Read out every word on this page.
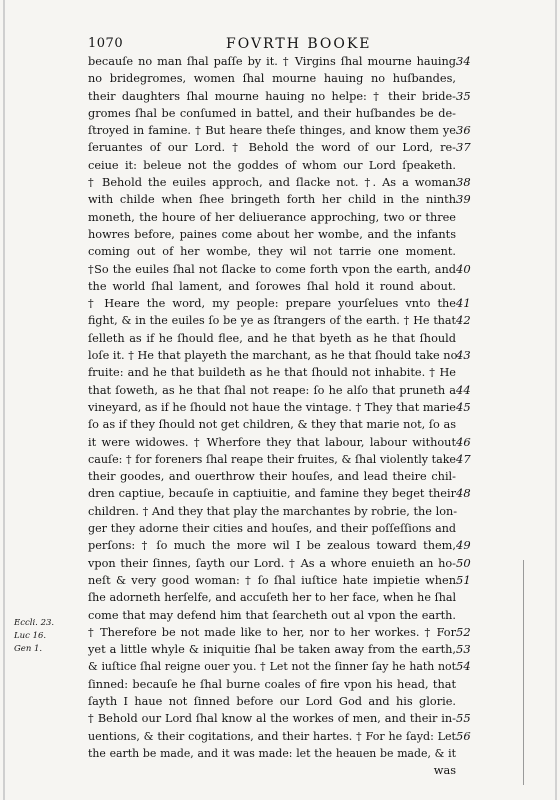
1070	FOVRTH BOOKE
becauſe no man ſhal paſſe by it. † Virgins ſhal mourne hauing
no bridegromes, women ſhal mourne hauing no huſbandes,
their daughters ſhal mourne hauing no helpe: † their bride-
gromes ſhal be conſumed in battel, and their huſbandes be de-
ſtroyed in famine. † But heare theſe thinges, and know them ye
ſeruantes of our Lord. † Behold the word of our Lord, re-
ceiue it: beleue not the goddes of whom our Lord ſpeaketh.
† Behold the euiles approch, and ſlacke not. †. As a woman
with childe when ſhee bringeth forth her child in the ninth
moneth, the houre of her deliuerance approching, two or three
howres before, paines come about her wombe, and the infants
coming out of her wombe, they wil not tarrie one moment.
†So the euiles ſhal not ſlacke to come forth vpon the earth, and
the world ſhal lament, and ſorowes ſhal hold it round about.
† Heare the word, my people: prepare yourſelues vnto the
fight, & in the euiles ſo be ye as ſtrangers of the earth. † He that
ſelleth as if he ſhould flee, and he that byeth as he that ſhould
loſe it. † He that playeth the marchant, as he that ſhould take no
fruite: and he that buildeth as he that ſhould not inhabite. † He
that ſoweth, as he that ſhal not reape: ſo he alſo that pruneth a
vineyard, as if he ſhould not haue the vintage. † They that marie
ſo as if they ſhould not get children, & they that marie not, ſo as
it were widowes. † Wherfore they that labour, labour without
cauſe: † for foreners ſhal reape their fruites, & ſhal violently take
their goodes, and ouerthrow their houſes, and lead theire chil-
dren captiue, becauſe in captiuitie, and famine they beget their
children. † And they that play the marchantes by robrie, the lon-
ger they adorne their cities and houſes, and their poſſeſſions and
perſons: † ſo much the more wil I be zealous toward them,
vpon their ſinnes, ſayth our Lord. † As a whore enuieth an ho-
neſt & very good woman: † ſo ſhal iuſtice hate impietie when
ſhe adorneth herſelfe, and accuſeth her to her face, when he ſhal
come that may defend him that ſearcheth out al vpon the earth.
† Therefore be not made like to her, nor to her workes. † For
yet a little whyle & iniquitie ſhal be taken away from the earth,
& iuſtice ſhal reigne ouer you. † Let not the ſinner ſay he hath not
ſinned: becauſe he ſhal burne coales of fire vpon his head, that
ſayth I haue not ſinned before our Lord God and his glorie.
† Behold our Lord ſhal know al the workes of men, and their in-
uentions, & their cogitations, and their hartes. † For he ſayd: Let
the earth be made, and it was made: let the heauen be made, & it
was
34
35
36
37
38
39
40
41
42
43
44
45
46
47
48
49
50
51
52
53
54
55
56
Eccli. 23.
Luc 16.
Gen 1.
